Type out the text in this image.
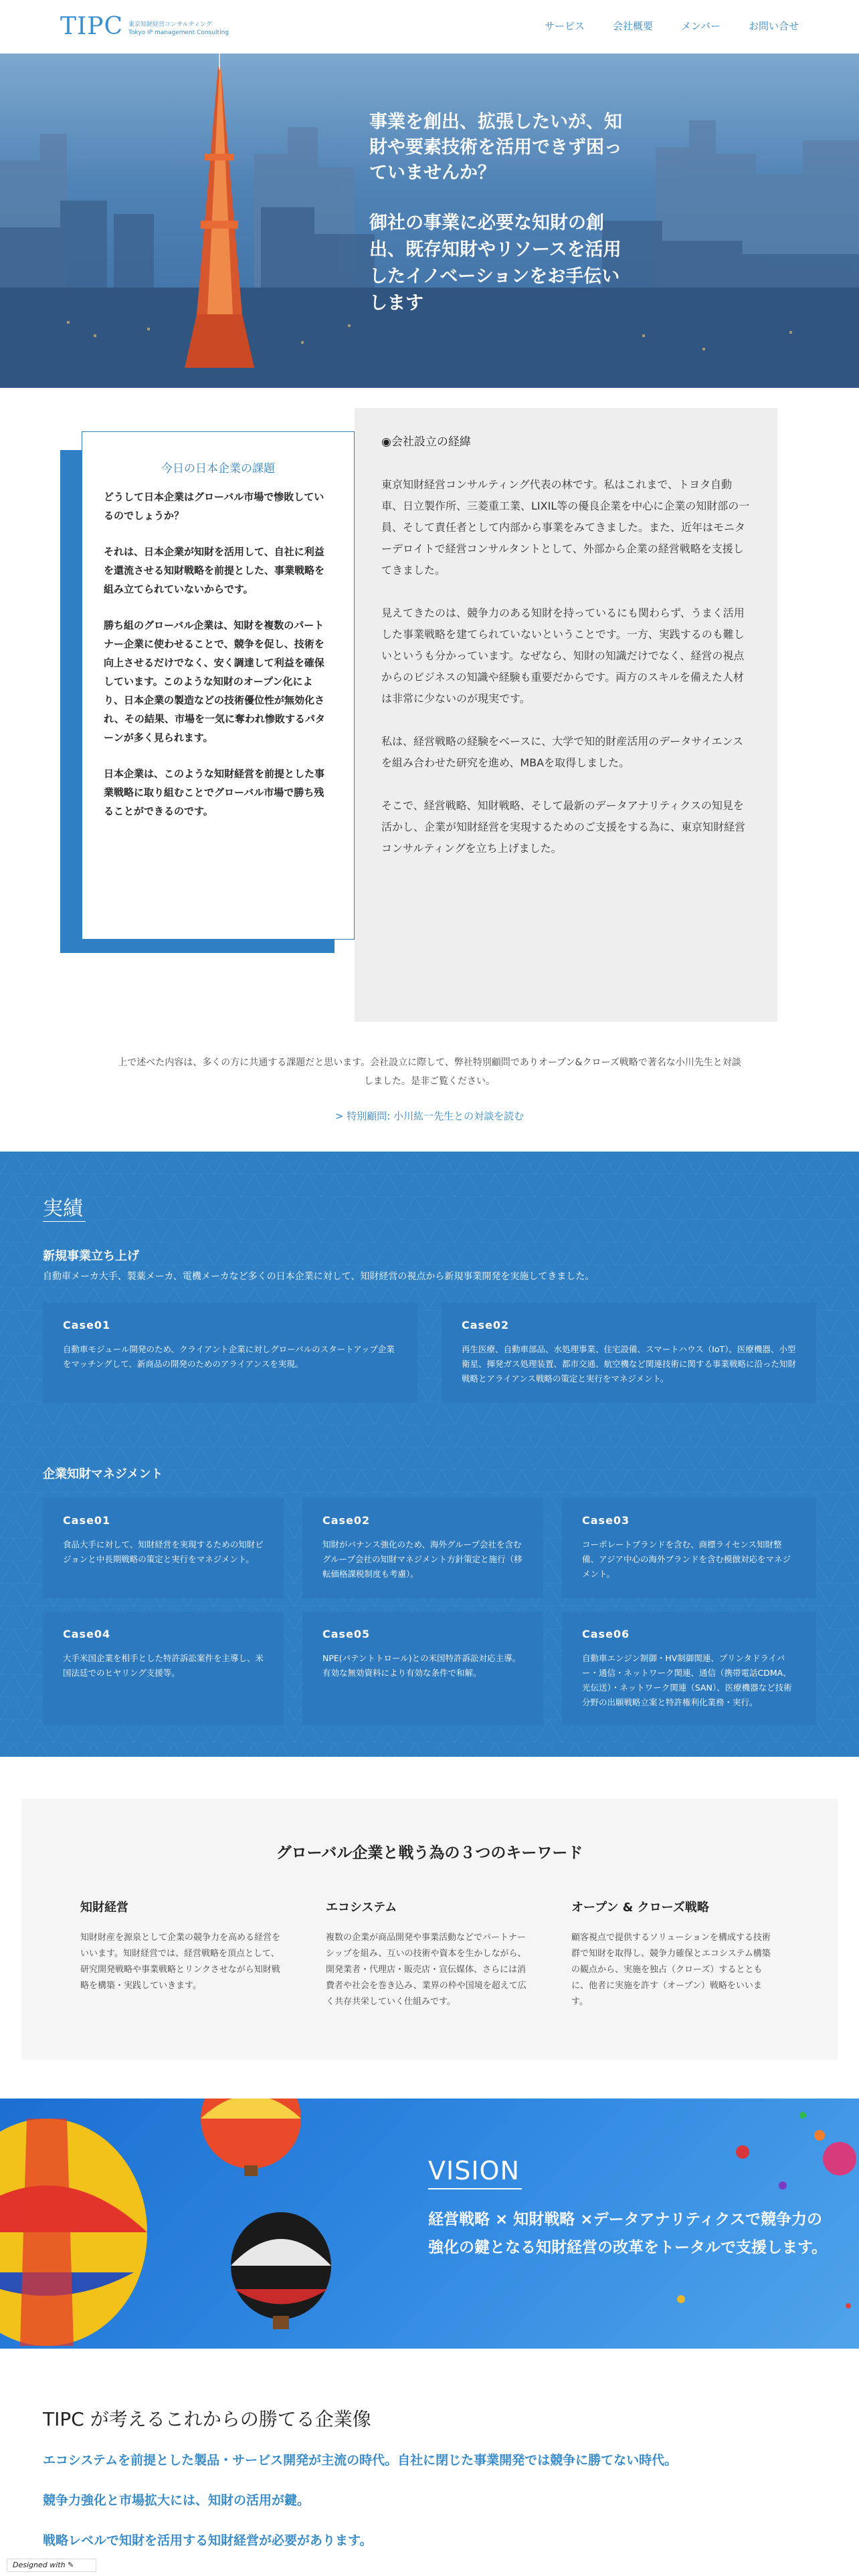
TIPC 東京知財経営コンサルティング
Tokyo IP management Consulting
サービス	会社概要	メンバー	お問い合せ
事業を創出、拡張したいが、知財や要素技術を活用できず困っていませんか？
御社の事業に必要な知財の創出、既存知財やリソースを活用したイノベーションをお手伝いします
◉会社設立の経緯

東京知財経営コンサルティング代表の林です。私はこれまで、トヨタ自動車、日立製作所、三菱重工業、LIXIL等の優良企業を中心に企業の知財部の一員、そして責任者として内部から事業をみてきました。また、近年はモニターデロイトで経営コンサルタントとして、外部から企業の経営戦略を支援してきました。

見えてきたのは、競争力のある知財を持っているにも関わらず、うまく活用した事業戦略を建てられていないということです。一方、実践するのも難しいというも分かっています。なぜなら、知財の知識だけでなく、経営の視点からのビジネスの知識や経験も重要だからです。両方のスキルを備えた人材は非常に少ないのが現実です。

私は、経営戦略の経験をベースに、大学で知的財産活用のデータサイエンスを組み合わせた研究を進め、MBAを取得しました。

そこで、経営戦略、知財戦略、そして最新のデータアナリティクスの知見を活かし、企業が知財経営を実現するためのご支援をする為に、東京知財経営コンサルティングを立ち上げました。

今日の日本企業の課題

どうして日本企業はグローバル市場で惨敗しているのでしょうか？

それは、日本企業が知財を活用して、自社に利益を還流させる知財戦略を前提とした、事業戦略を組み立てられていないからです。

勝ち組のグローバル企業は、知財を複数のパートナー企業に使わせることで、競争を促し、技術を向上させるだけでなく、安く調達して利益を確保しています。このような知財のオープン化により、日本企業の製造などの技術優位性が無効化され、その結果、市場を一気に奪われ惨敗するパターンが多く見られます。

日本企業は、このような知財経営を前提とした事業戦略に取り組むことでグローバル市場で勝ち残ることができるのです。

上で述べた内容は、多くの方に共通する課題だと思います。会社設立に際して、弊社特別顧問でありオープン&クローズ戦略で著名な小川先生と対談しました。是非ご覧ください。
> 特別顧問: 小川紘一先生との対談を読む
実績
新規事業立ち上げ
自動車メーカ大手、製薬メーカ、電機メーカなど多くの日本企業に対して、知財経営の視点から新規事業開発を実施してきました。
Case01
自動車モジュール開発のため、クライアント企業に対しグローバルのスタートアップ企業をマッチングして、新商品の開発のためのアライアンスを実現。
Case02
再生医療、自動車部品、水処理事業、住宅設備、スマートハウス（IoT）、医療機器、小型衛星、揮発ガス処理装置、都市交通、航空機など関連技術に関する事業戦略に沿った知財戦略とアライアンス戦略の策定と実行をマネジメント。
企業知財マネジメント
Case01
食品大手に対して、知財経営を実現するための知財ビジョンと中長期戦略の策定と実行をマネジメント。
Case02
知財がバナンス強化のため、海外グループ会社を含むグループ会社の知財マネジメント方針策定と施行（移転価格課税制度も考慮）。
Case03
コーポレートブランドを含む、商標ライセンス知財整備、アジア中心の海外ブランドを含む模倣対応をマネジメント。
Case04
大手米国企業を相手とした特許訴訟案件を主導し、米国法廷でのヒヤリング支援等。
Case05
NPE(パテントトロール)との米国特許訴訟対応主導。有効な無効資料により有効な条件で和解。
Case06
自動車エンジン制御・HV制御関連、プリンタドライバー・通信・ネットワーク関連、通信（携帯電話CDMA、光伝送）・ネットワーク関連（SAN）、医療機器など技術分野の出願戦略立案と特許権利化業務・実行。
グローバル企業と戦う為の３つのキーワード
知財経営
知財財産を源泉として企業の競争力を高める経営をいいます。知財経営では、経営戦略を頂点として、研究開発戦略や事業戦略とリンクさせながら知財戦略を構築・実践していきます。
エコシステム
複数の企業が商品開発や事業活動などでパートナーシップを組み、互いの技術や資本を生かしながら、開発業者・代理店・販売店・宣伝媒体、さらには消費者や社会を巻き込み、業界の枠や国境を超えて広く共存共栄していく仕組みです。
オープン & クローズ戦略
顧客視点で提供するソリューションを構成する技術群で知財を取得し、競争力確保とエコシステム構築の観点から、実施を独占（クローズ）するとともに、他者に実施を許す（オープン）戦略をいいます。
VISION
経営戦略 × 知財戦略 ×データアナリティクスで競争力の強化の鍵となる知財経営の改革をトータルで支援します。
TIPC が考えるこれからの勝てる企業像
エコシステムを前提とした製品・サービス開発が主流の時代。自社に閉じた事業開発では競争に勝てない時代。
競争力強化と市場拡大には、知財の活用が鍵。
戦略レベルで知財を活用する知財経営が必要があります。
Designed with ✎
